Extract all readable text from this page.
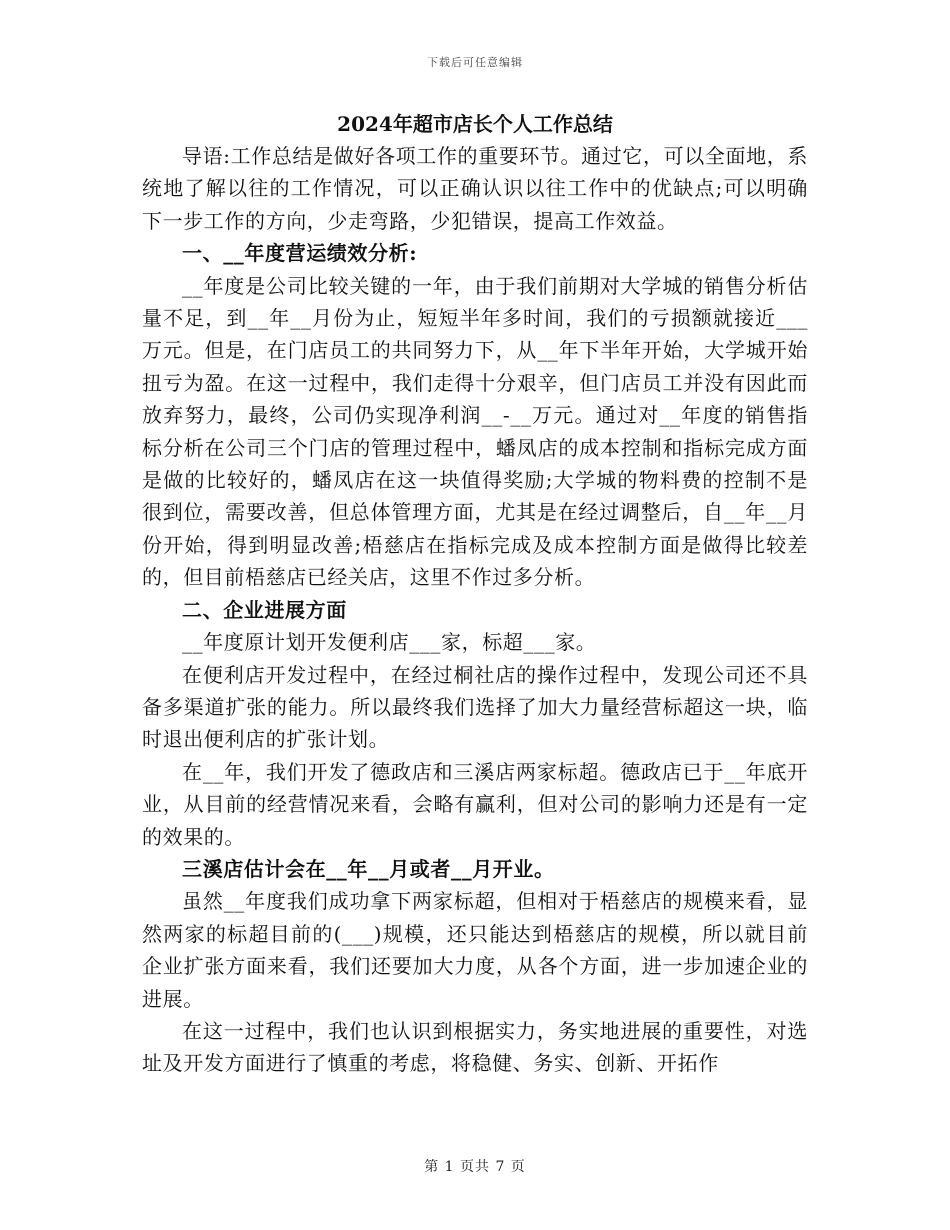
下载后可任意编辑
2024年超市店长个人工作总结

导语:工作总结是做好各项工作的重要环节。通过它，可以全面地，系统地了解以往的工作情况，可以正确认识以往工作中的优缺点;可以明确下一步工作的方向，少走弯路，少犯错误，提高工作效益。

一、__年度营运绩效分析:

__年度是公司比较关键的一年，由于我们前期对大学城的销售分析估量不足，到__年__月份为止，短短半年多时间，我们的亏损额就接近___万元。但是，在门店员工的共同努力下，从__年下半年开始，大学城开始扭亏为盈。在这一过程中，我们走得十分艰辛，但门店员工并没有因此而放弃努力，最终，公司仍实现净利润__-__万元。通过对__年度的销售指标分析在公司三个门店的管理过程中，蟠凤店的成本控制和指标完成方面是做的比较好的，蟠凤店在这一块值得奖励;大学城的物料费的控制不是很到位，需要改善，但总体管理方面，尤其是在经过调整后，自__年__月份开始，得到明显改善;梧慈店在指标完成及成本控制方面是做得比较差的，但目前梧慈店已经关店，这里不作过多分析。

二、企业进展方面

__年度原计划开发便利店___家，标超___家。

在便利店开发过程中，在经过桐社店的操作过程中，发现公司还不具备多渠道扩张的能力。所以最终我们选择了加大力量经营标超这一块，临时退出便利店的扩张计划。

在__年，我们开发了德政店和三溪店两家标超。德政店已于__年底开业，从目前的经营情况来看，会略有赢利，但对公司的影响力还是有一定的效果的。

三溪店估计会在__年__月或者__月开业。

虽然__年度我们成功拿下两家标超，但相对于梧慈店的规模来看，显然两家的标超目前的(___)规模，还只能达到梧慈店的规模，所以就目前企业扩张方面来看，我们还要加大力度，从各个方面，进一步加速企业的进展。

在这一过程中，我们也认识到根据实力，务实地进展的重要性，对选址及开发方面进行了慎重的考虑，将稳健、务实、创新、开拓作

第 1 页共 7 页
